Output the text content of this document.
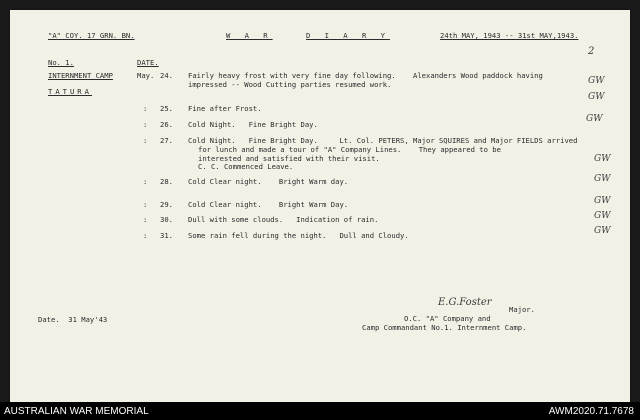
"A" COY. 17 GRN. BN.	W A R	D I A R Y	24th MAY, 1943 -- 31st MAY,1943.
2
No. 1.
INTERNMENT CAMP
TATURA
DATE.
May. 24. Fairly heavy frost with very fine day following.    Alexanders Wood paddock having
impressed -- Wood Cutting parties resumed work.	GW
GW
: 25. Fine after Frost.
: 26. Cold Night.   Fine Bright Day.
GW
: 27. Cold Night.   Fine Bright Day.     Lt. Col. PETERS, Major SQUIRES and Major FIELDS arrived
for lunch and made a tour of "A" Company Lines.    They appeared to be
interested and satisfied with their visit.
C. C. Commenced Leave.
GW
: 28. Cold Clear night.    Bright Warm day.	GW
: 29. Cold Clear night.    Bright Warm Day.	GW
: 30. Dull with some clouds.   Indication of rain.	GW
: 31. Some rain fell during the night.   Dull and Cloudy.	GW
E.G.Foster
Major.
O.C. "A" Company and
Camp Commandant No.1. Internment Camp.
Date.  31 May'43
AUSTRALIAN WAR MEMORIAL	AWM2020.71.7678
